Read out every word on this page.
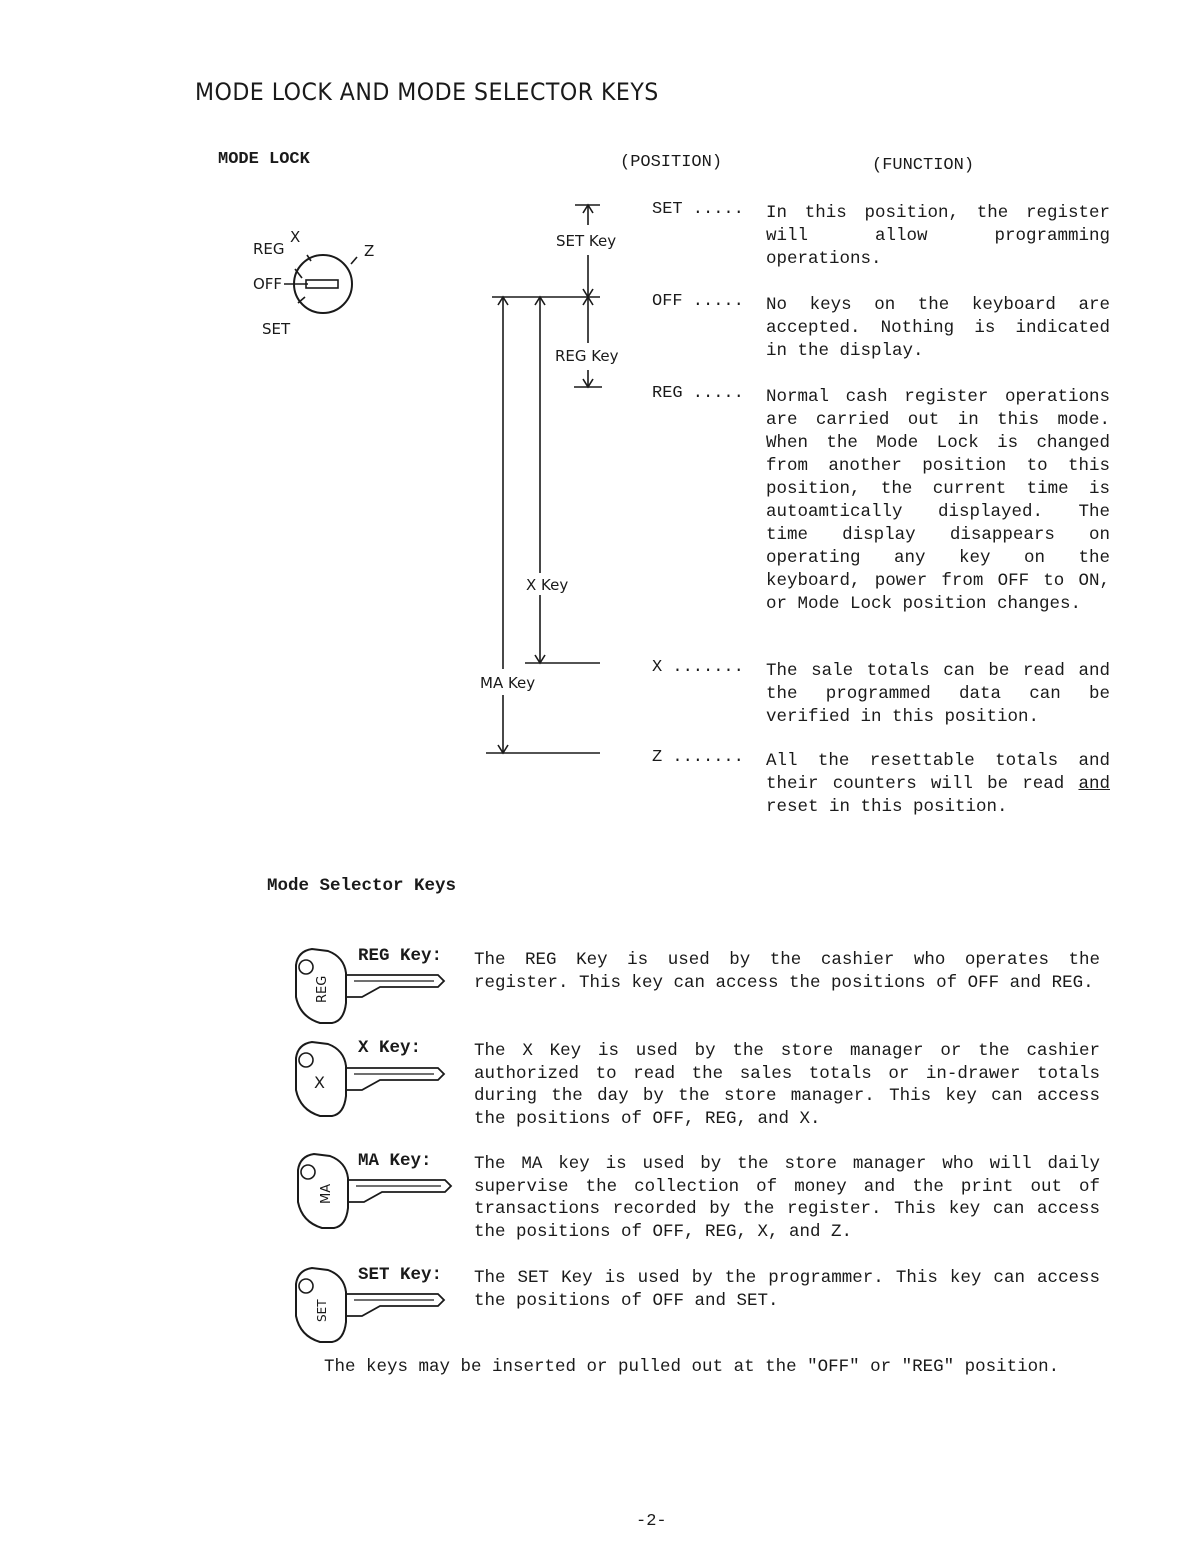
MODE LOCK AND MODE SELECTOR KEYS
MODE LOCK	(POSITION)	(FUNCTION)
REG
X
Z
OFF
SET
SET Key
REG Key
X Key
MA Key
SET ..... In this position, the register will allow programming operations.
OFF ..... No keys on the keyboard are accepted. Nothing is indicated in the display.
REG ..... Normal cash register operations are carried out in this mode. When the Mode Lock is changed from another position to this position, the current time is autoamtically displayed. The time display disappears on operating any key on the keyboard, power from OFF to ON, or Mode Lock position changes.
X ....... The sale totals can be read and the programmed data can be verified in this position.
Z ....... All the resettable totals and their counters will be read and reset in this position.
Mode Selector Keys
REG
X
MA
SET
REG Key: The REG Key is used by the cashier who operates the register. This key can access the positions of OFF and REG.
X Key:	The X Key is used by the store manager or the cashier authorized to read the sales totals or in-drawer totals during the day by the store manager. This key can access the positions of OFF, REG, and X.
MA Key: The MA key is used by the store manager who will daily supervise the collection of money and the print out of transactions recorded by the register. This key can access the positions of OFF, REG, X, and Z.
SET Key: The SET Key is used by the programmer. This key can access the positions of OFF and SET.
The keys may be inserted or pulled out at the "OFF" or "REG" position.
-2-
